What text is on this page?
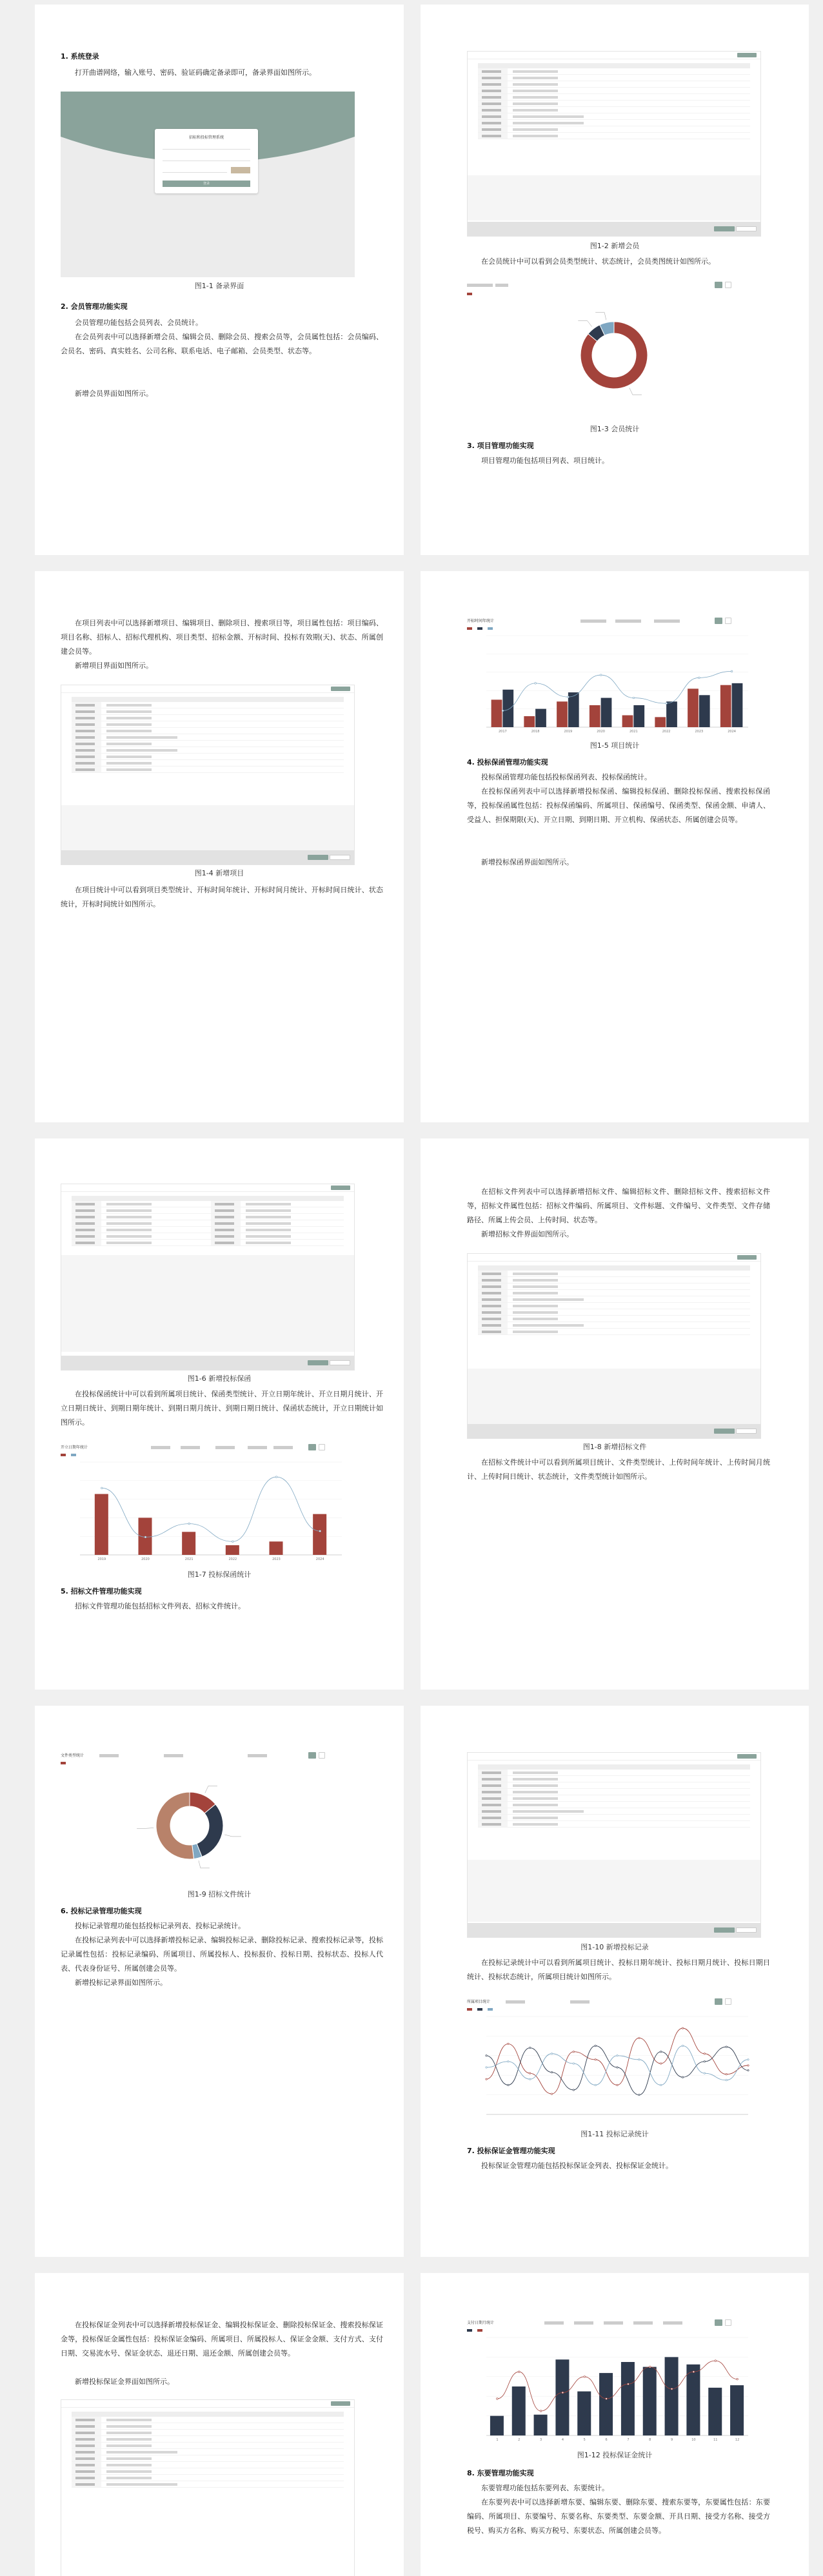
1. 系统登录
打开曲谱网络，输入账号、密码、验证码确定备录即可，备录界面如图所示。
招标和投标管理系统
登录
图1-1 备录界面
2. 会员管理功能实现
会员管理功能包括会员列表、会员统计。
在会员列表中可以选择新增会员、编辑会员、删除会员、搜索会员等，会员属性包括：会员编码、会员名、密码、真实姓名、公司名称、联系电话、电子邮箱、会员类型、状态等。
新增会员界面如图所示。
图1-2 新增会员
在会员统计中可以看到会员类型统计、状态统计，会员类图统计如图所示。
图1-3 会员统计
3. 项目管理功能实现
项目管理功能包括项目列表、项目统计。
在项目列表中可以选择新增项目、编辑项目、删除项目、搜索项目等，项目属性包括：项目编码、项目名称、招标人、招标代理机构、项目类型、招标金额、开标时间、投标有效期(天)、状态、所属创建会员等。
新增项目界面如图所示。
图1-4 新增项目
在项目统计中可以看到项目类型统计、开标时间年统计、开标时间月统计、开标时间日统计、状态统计，开标时间统计如图所示。
开标时间年统计
2017	2018	2019	2020	2021	2022	2023	2024
图1-5 项目统计
4. 投标保函管理功能实现
投标保函管理功能包括投标保函列表、投标保函统计。
在投标保函列表中可以选择新增投标保函、编辑投标保函、删除投标保函、搜索投标保函等，投标保函属性包括：投标保函编码、所属项目、保函编号、保函类型、保函金额、申请人、受益人、担保期限(天)、开立日期、到期日期、开立机构、保函状态、所属创建会员等。
新增投标保函界面如图所示。
图1-6 新增投标保函
在投标保函统计中可以看到所属项目统计、保函类型统计、开立日期年统计、开立日期月统计、开立日期日统计、到期日期年统计、到期日期月统计、到期日期日统计、保函状态统计，开立日期统计如图所示。
开立日期年统计
2019	2020	2021	2022	2023	2024
图1-7 投标保函统计
5. 招标文件管理功能实现
招标文件管理功能包括招标文件列表、招标文件统计。
在招标文件列表中可以选择新增招标文件、编辑招标文件、删除招标文件、搜索招标文件等，招标文件属性包括：招标文件编码、所属项目、文件标题、文件编号、文件类型、文件存储路径、所属上传会员、上传时间、状态等。
新增招标文件界面如图所示。
图1-8 新增招标文件
在招标文件统计中可以看到所属项目统计、文件类型统计、上传时间年统计、上传时间月统计、上传时间日统计、状态统计，文件类型统计如图所示。
文件类型统计
图1-9 招标文件统计
6. 投标记录管理功能实现
投标记录管理功能包括投标记录列表、投标记录统计。
在投标记录列表中可以选择新增投标记录、编辑投标记录、删除投标记录、搜索投标记录等，投标记录属性包括：投标记录编码、所属项目、所属投标人、投标报价、投标日期、投标状态、投标人代表、代表身份证号、所属创建会员等。
新增投标记录界面如图所示。
图1-10 新增投标记录
在投标记录统计中可以看到所属项目统计、投标日期年统计、投标日期月统计、投标日期日统计、投标状态统计，所属项目统计如图所示。
所属项目统计
图1-11 投标记录统计
7. 投标保证金管理功能实现
投标保证金管理功能包括投标保证金列表、投标保证金统计。
在投标保证金列表中可以选择新增投标保证金、编辑投标保证金、删除投标保证金、搜索投标保证金等，投标保证金属性包括：投标保证金编码、所属项目、所属投标人、保证金金额、支付方式、支付日期、交易流水号、保证金状态、退还日期、退还金额、所属创建会员等。
新增投标保证金界面如图所示。
支付日期月统计
1	2	3	4	5	6	7	8	9	10	11	12
图1-12 投标保证金统计
8. 东要管理功能实现
东要管理功能包括东要列表、东要统计。
在东要列表中可以选择新增东要、编辑东要、删除东要、搜索东要等，东要属性包括：东要编码、所属项目、东要编号、东要名称、东要类型、东要金额、开具日期、接受方名称、接受方税号、购买方名称、购买方税号、东要状态、所属创建会员等。
